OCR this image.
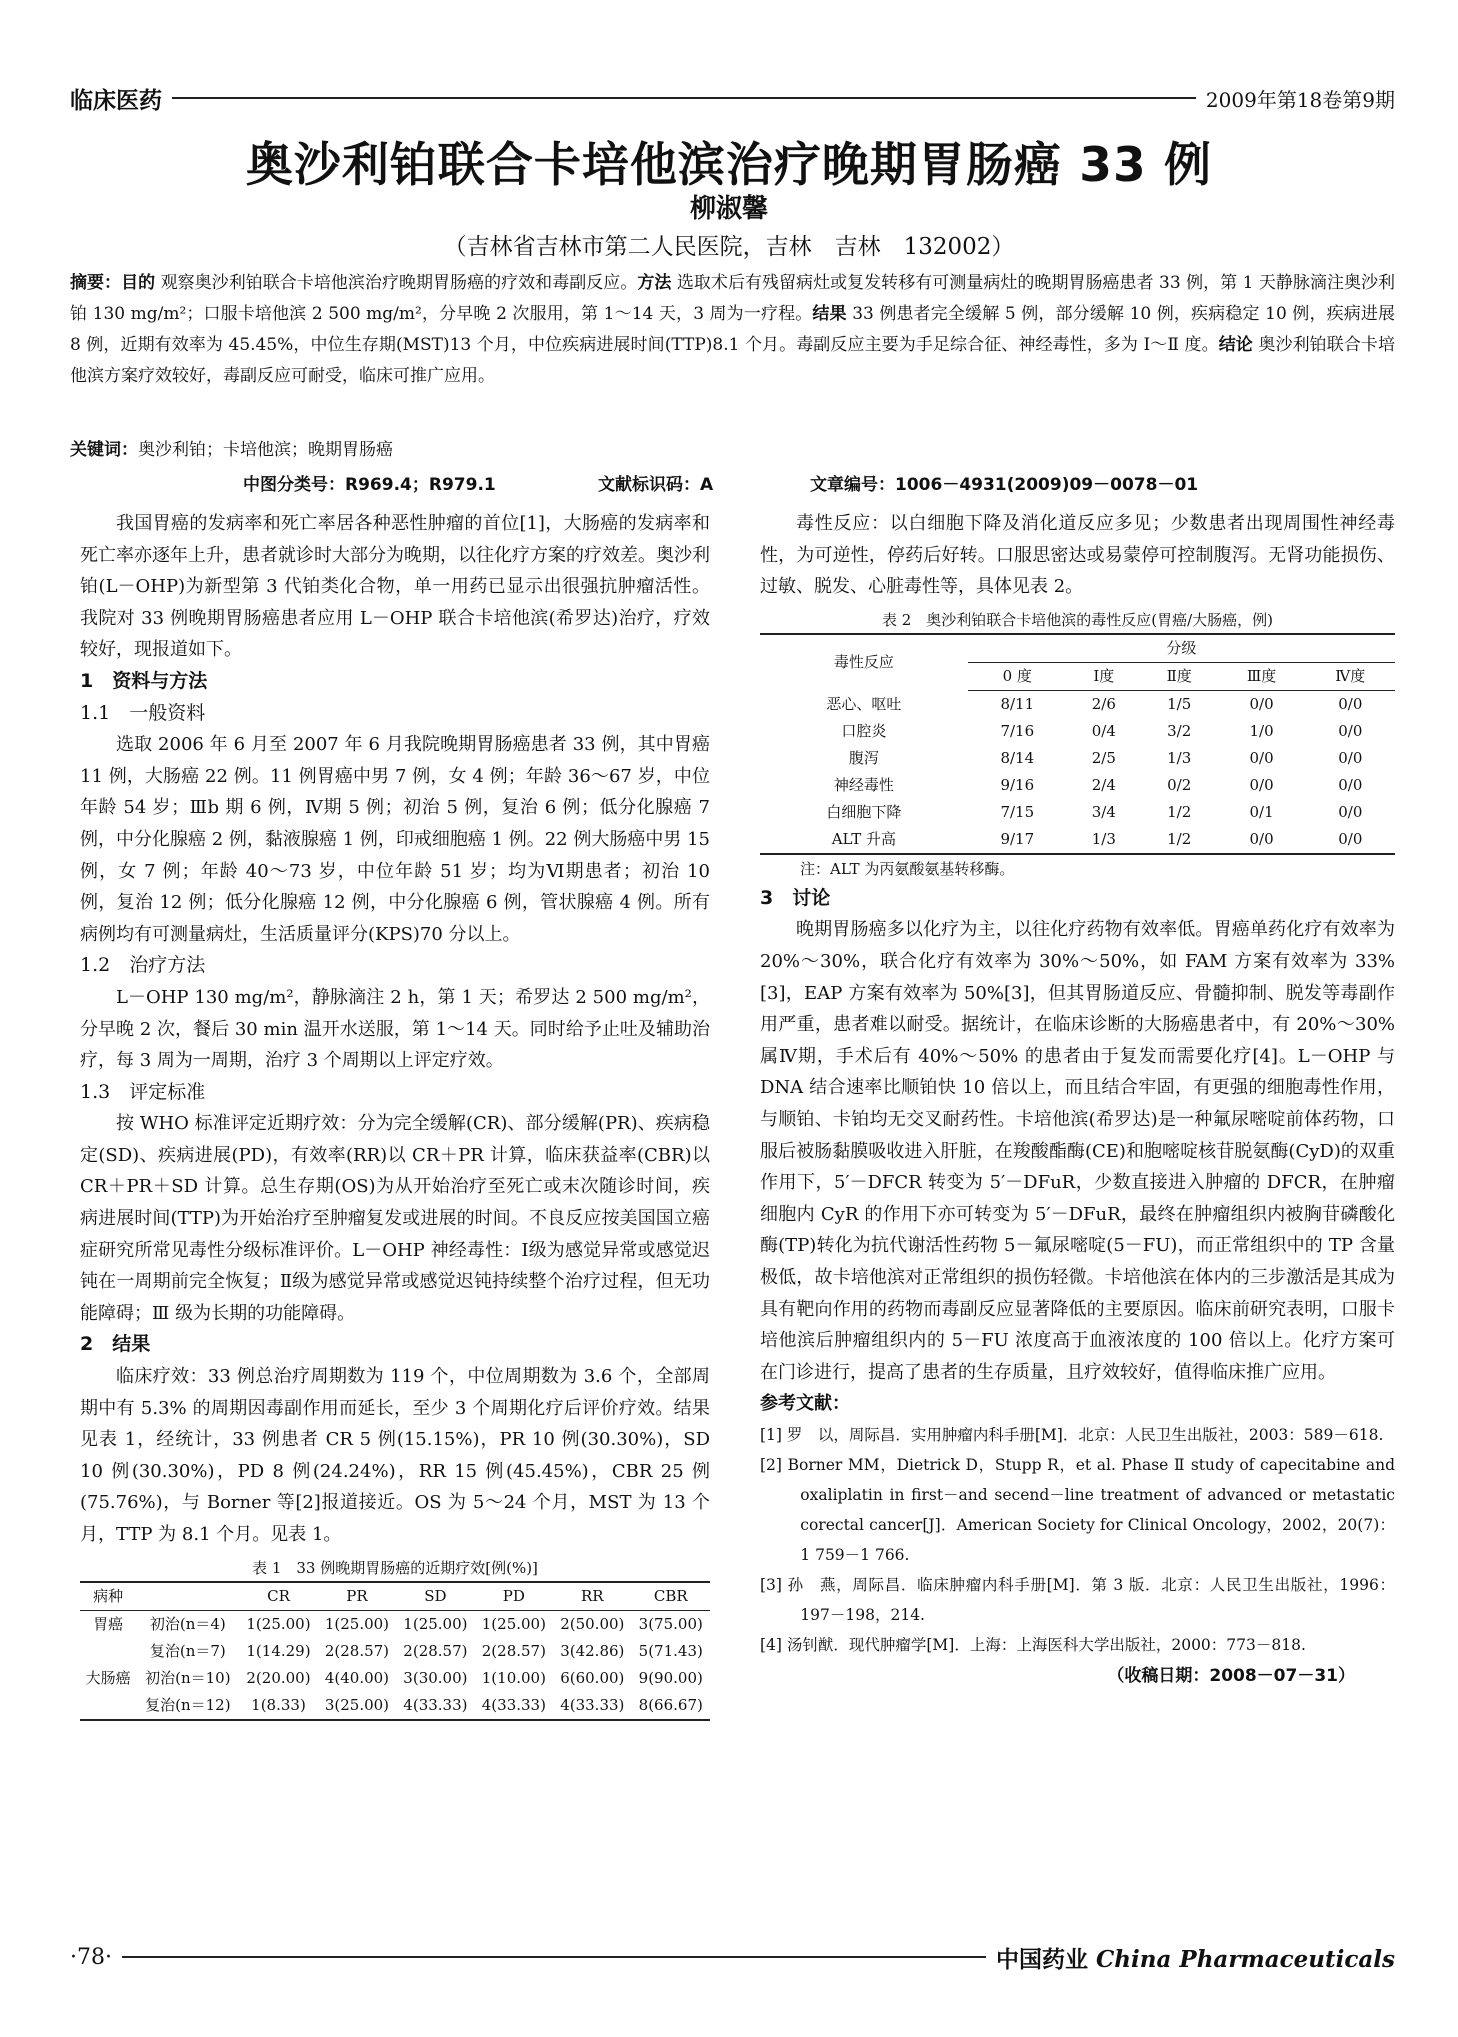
临床医药	2009年第18卷第9期
奥沙利铂联合卡培他滨治疗晚期胃肠癌 33 例
柳淑馨
（吉林省吉林市第二人民医院，吉林　吉林　132002）
摘要：目的 观察奥沙利铂联合卡培他滨治疗晚期胃肠癌的疗效和毒副反应。方法 选取术后有残留病灶或复发转移有可测量病灶的晚期胃肠癌患者 33 例，第 1 天静脉滴注奥沙利铂 130 mg/m²；口服卡培他滨 2 500 mg/m²，分早晚 2 次服用，第 1～14 天，3 周为一疗程。结果 33 例患者完全缓解 5 例，部分缓解 10 例，疾病稳定 10 例，疾病进展 8 例，近期有效率为 45.45%，中位生存期(MST)13 个月，中位疾病进展时间(TTP)8.1 个月。毒副反应主要为手足综合征、神经毒性，多为 Ⅰ～Ⅱ 度。结论 奥沙利铂联合卡培他滨方案疗效较好，毒副反应可耐受，临床可推广应用。
关键词：奥沙利铂；卡培他滨；晚期胃肠癌
中图分类号：R969.4；R979.1	文献标识码：A	文章编号：1006－4931(2009)09－0078－01

我国胃癌的发病率和死亡率居各种恶性肿瘤的首位[1]，大肠癌的发病率和死亡率亦逐年上升，患者就诊时大部分为晚期，以往化疗方案的疗效差。奥沙利铂(L－OHP)为新型第 3 代铂类化合物，单一用药已显示出很强抗肿瘤活性。我院对 33 例晚期胃肠癌患者应用 L－OHP 联合卡培他滨(希罗达)治疗，疗效较好，现报道如下。

1　资料与方法
1.1　一般资料

选取 2006 年 6 月至 2007 年 6 月我院晚期胃肠癌患者 33 例，其中胃癌 11 例，大肠癌 22 例。11 例胃癌中男 7 例，女 4 例；年龄 36～67 岁，中位年龄 54 岁；Ⅲb 期 6 例，Ⅳ期 5 例；初治 5 例，复治 6 例；低分化腺癌 7 例，中分化腺癌 2 例，黏液腺癌 1 例，印戒细胞癌 1 例。22 例大肠癌中男 15 例，女 7 例；年龄 40～73 岁，中位年龄 51 岁；均为Ⅵ期患者；初治 10 例，复治 12 例；低分化腺癌 12 例，中分化腺癌 6 例，管状腺癌 4 例。所有病例均有可测量病灶，生活质量评分(KPS)70 分以上。

1.2　治疗方法

L－OHP 130 mg/m²，静脉滴注 2 h，第 1 天；希罗达 2 500 mg/m²，分早晚 2 次，餐后 30 min 温开水送服，第 1～14 天。同时给予止吐及辅助治疗，每 3 周为一周期，治疗 3 个周期以上评定疗效。

1.3　评定标准

按 WHO 标准评定近期疗效：分为完全缓解(CR)、部分缓解(PR)、疾病稳定(SD)、疾病进展(PD)，有效率(RR)以 CR＋PR 计算，临床获益率(CBR)以 CR＋PR＋SD 计算。总生存期(OS)为从开始治疗至死亡或末次随诊时间，疾病进展时间(TTP)为开始治疗至肿瘤复发或进展的时间。不良反应按美国国立癌症研究所常见毒性分级标准评价。L－OHP 神经毒性：Ⅰ级为感觉异常或感觉迟钝在一周期前完全恢复；Ⅱ级为感觉异常或感觉迟钝持续整个治疗过程，但无功能障碍；Ⅲ 级为长期的功能障碍。

2　结果

临床疗效：33 例总治疗周期数为 119 个，中位周期数为 3.6 个，全部周期中有 5.3% 的周期因毒副作用而延长，至少 3 个周期化疗后评价疗效。结果见表 1，经统计，33 例患者 CR 5 例(15.15%)，PR 10 例(30.30%)，SD 10 例(30.30%)，PD 8 例(24.24%)，RR 15 例(45.45%)，CBR 25 例(75.76%)，与 Borner 等[2]报道接近。OS 为 5～24 个月，MST 为 13 个月，TTP 为 8.1 个月。见表 1。

表 1　33 例晚期胃肠癌的近期疗效[例(%)]
病种		CR	PR	SD	PD	RR	CBR
胃癌	初治(n＝4)	1(25.00)	1(25.00)	1(25.00)	1(25.00)	2(50.00)	3(75.00)
	复治(n＝7)	1(14.29)	2(28.57)	2(28.57)	2(28.57)	3(42.86)	5(71.43)
大肠癌	初治(n＝10)	2(20.00)	4(40.00)	3(30.00)	1(10.00)	6(60.00)	9(90.00)
	复治(n＝12)	1(8.33)	3(25.00)	4(33.33)	4(33.33)	4(33.33)	8(66.67)

毒性反应：以白细胞下降及消化道反应多见；少数患者出现周围性神经毒性，为可逆性，停药后好转。口服思密达或易蒙停可控制腹泻。无肾功能损伤、过敏、脱发、心脏毒性等，具体见表 2。

表 2　奥沙利铂联合卡培他滨的毒性反应(胃癌/大肠癌，例)
毒性反应	分级				
	0 度	Ⅰ度	Ⅱ度	Ⅲ度	Ⅳ度
恶心、呕吐	8/11	2/6	1/5	0/0	0/0
口腔炎	7/16	0/4	3/2	1/0	0/0
腹泻	8/14	2/5	1/3	0/0	0/0
神经毒性	9/16	2/4	0/2	0/0	0/0
白细胞下降	7/15	3/4	1/2	0/1	0/0
ALT 升高	9/17	1/3	1/2	0/0	0/0
注：ALT 为丙氨酸氨基转移酶。
3　讨论

晚期胃肠癌多以化疗为主，以往化疗药物有效率低。胃癌单药化疗有效率为 20%～30%，联合化疗有效率为 30%～50%，如 FAM 方案有效率为 33%[3]，EAP 方案有效率为 50%[3]，但其胃肠道反应、骨髓抑制、脱发等毒副作用严重，患者难以耐受。据统计，在临床诊断的大肠癌患者中，有 20%～30% 属Ⅳ期，手术后有 40%～50% 的患者由于复发而需要化疗[4]。L－OHP 与 DNA 结合速率比顺铂快 10 倍以上，而且结合牢固，有更强的细胞毒性作用，与顺铂、卡铂均无交叉耐药性。卡培他滨(希罗达)是一种氟尿嘧啶前体药物，口服后被肠黏膜吸收进入肝脏，在羧酸酯酶(CE)和胞嘧啶核苷脱氨酶(CyD)的双重作用下，5′－DFCR 转变为 5′－DFuR，少数直接进入肿瘤的 DFCR，在肿瘤细胞内 CyR 的作用下亦可转变为 5′－DFuR，最终在肿瘤组织内被胸苷磷酸化酶(TP)转化为抗代谢活性药物 5－氟尿嘧啶(5－FU)，而正常组织中的 TP 含量极低，故卡培他滨对正常组织的损伤轻微。卡培他滨在体内的三步激活是其成为具有靶向作用的药物而毒副反应显著降低的主要原因。临床前研究表明，口服卡培他滨后肿瘤组织内的 5－FU 浓度高于血液浓度的 100 倍以上。化疗方案可在门诊进行，提高了患者的生存质量，且疗效较好，值得临床推广应用。

参考文献：
[1] 罗　以，周际昌．实用肿瘤内科手册[M]．北京：人民卫生出版社，2003：589－618.
[2] Borner MM，Dietrick D，Stupp R，et al. Phase Ⅱ study of capecitabine and oxaliplatin in first－and secend－line treatment of advanced or metastatic corectal cancer[J]．American Society for Clinical Oncology，2002，20(7)：1 759－1 766.
[3] 孙　燕，周际昌．临床肿瘤内科手册[M]．第 3 版．北京：人民卫生出版社，1996：197－198，214.
[4] 汤钊猷．现代肿瘤学[M]．上海：上海医科大学出版社，2000：773－818.
（收稿日期：2008－07－31）
·78·	中国药业 China Pharmaceuticals
